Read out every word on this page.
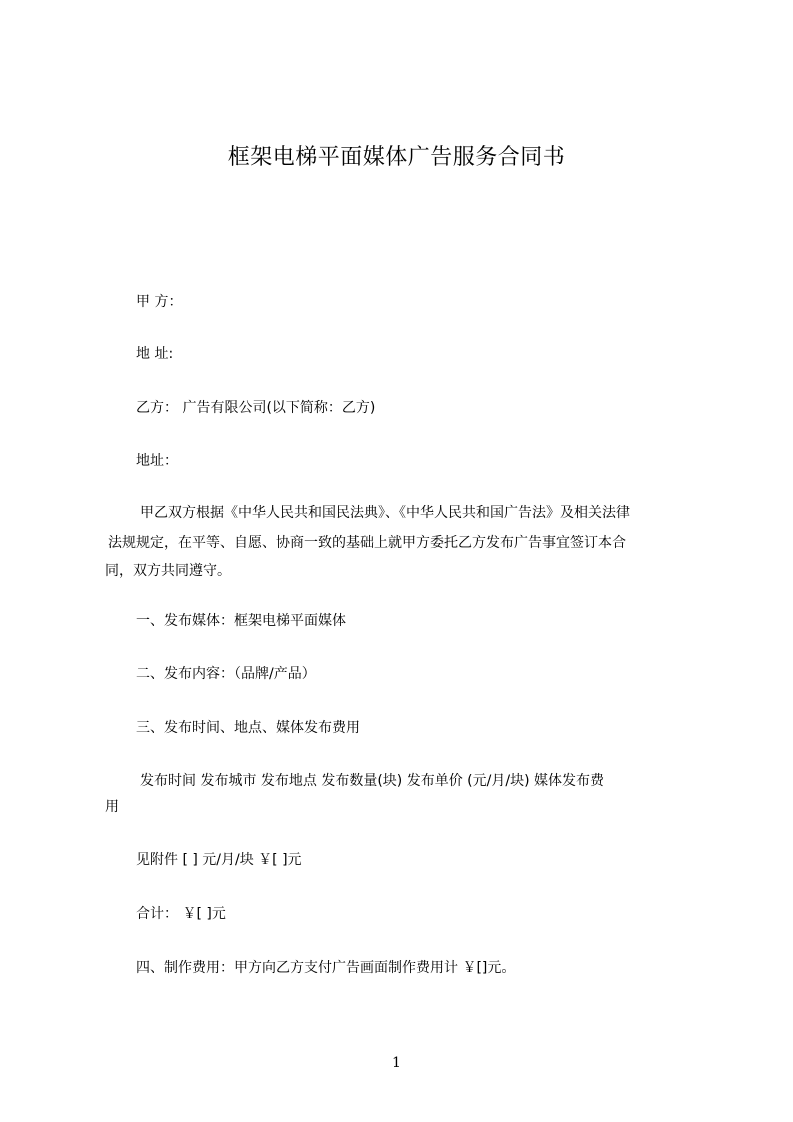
框架电梯平面媒体广告服务合同书
甲 方：
地 址:
乙方： 广告有限公司(以下简称：乙方)
地址：
甲乙双方根据《中华人民共和国民法典》、《中华人民共和国广告法》及相关法律
法规规定，在平等、自愿、协商一致的基础上就甲方委托乙方发布广告事宜签订本合
同，双方共同遵守。
一、发布媒体：框架电梯平面媒体
二、发布内容：（品牌/产品）
三、发布时间、地点、媒体发布费用
发布时间 发布城市 发布地点 发布数量(块) 发布单价 (元/月/块) 媒体发布费
用
见附件 [ ] 元/月/块 ￥[ ]元
合计： ￥[ ]元
四、制作费用：甲方向乙方支付广告画面制作费用计 ￥[]元。
1
